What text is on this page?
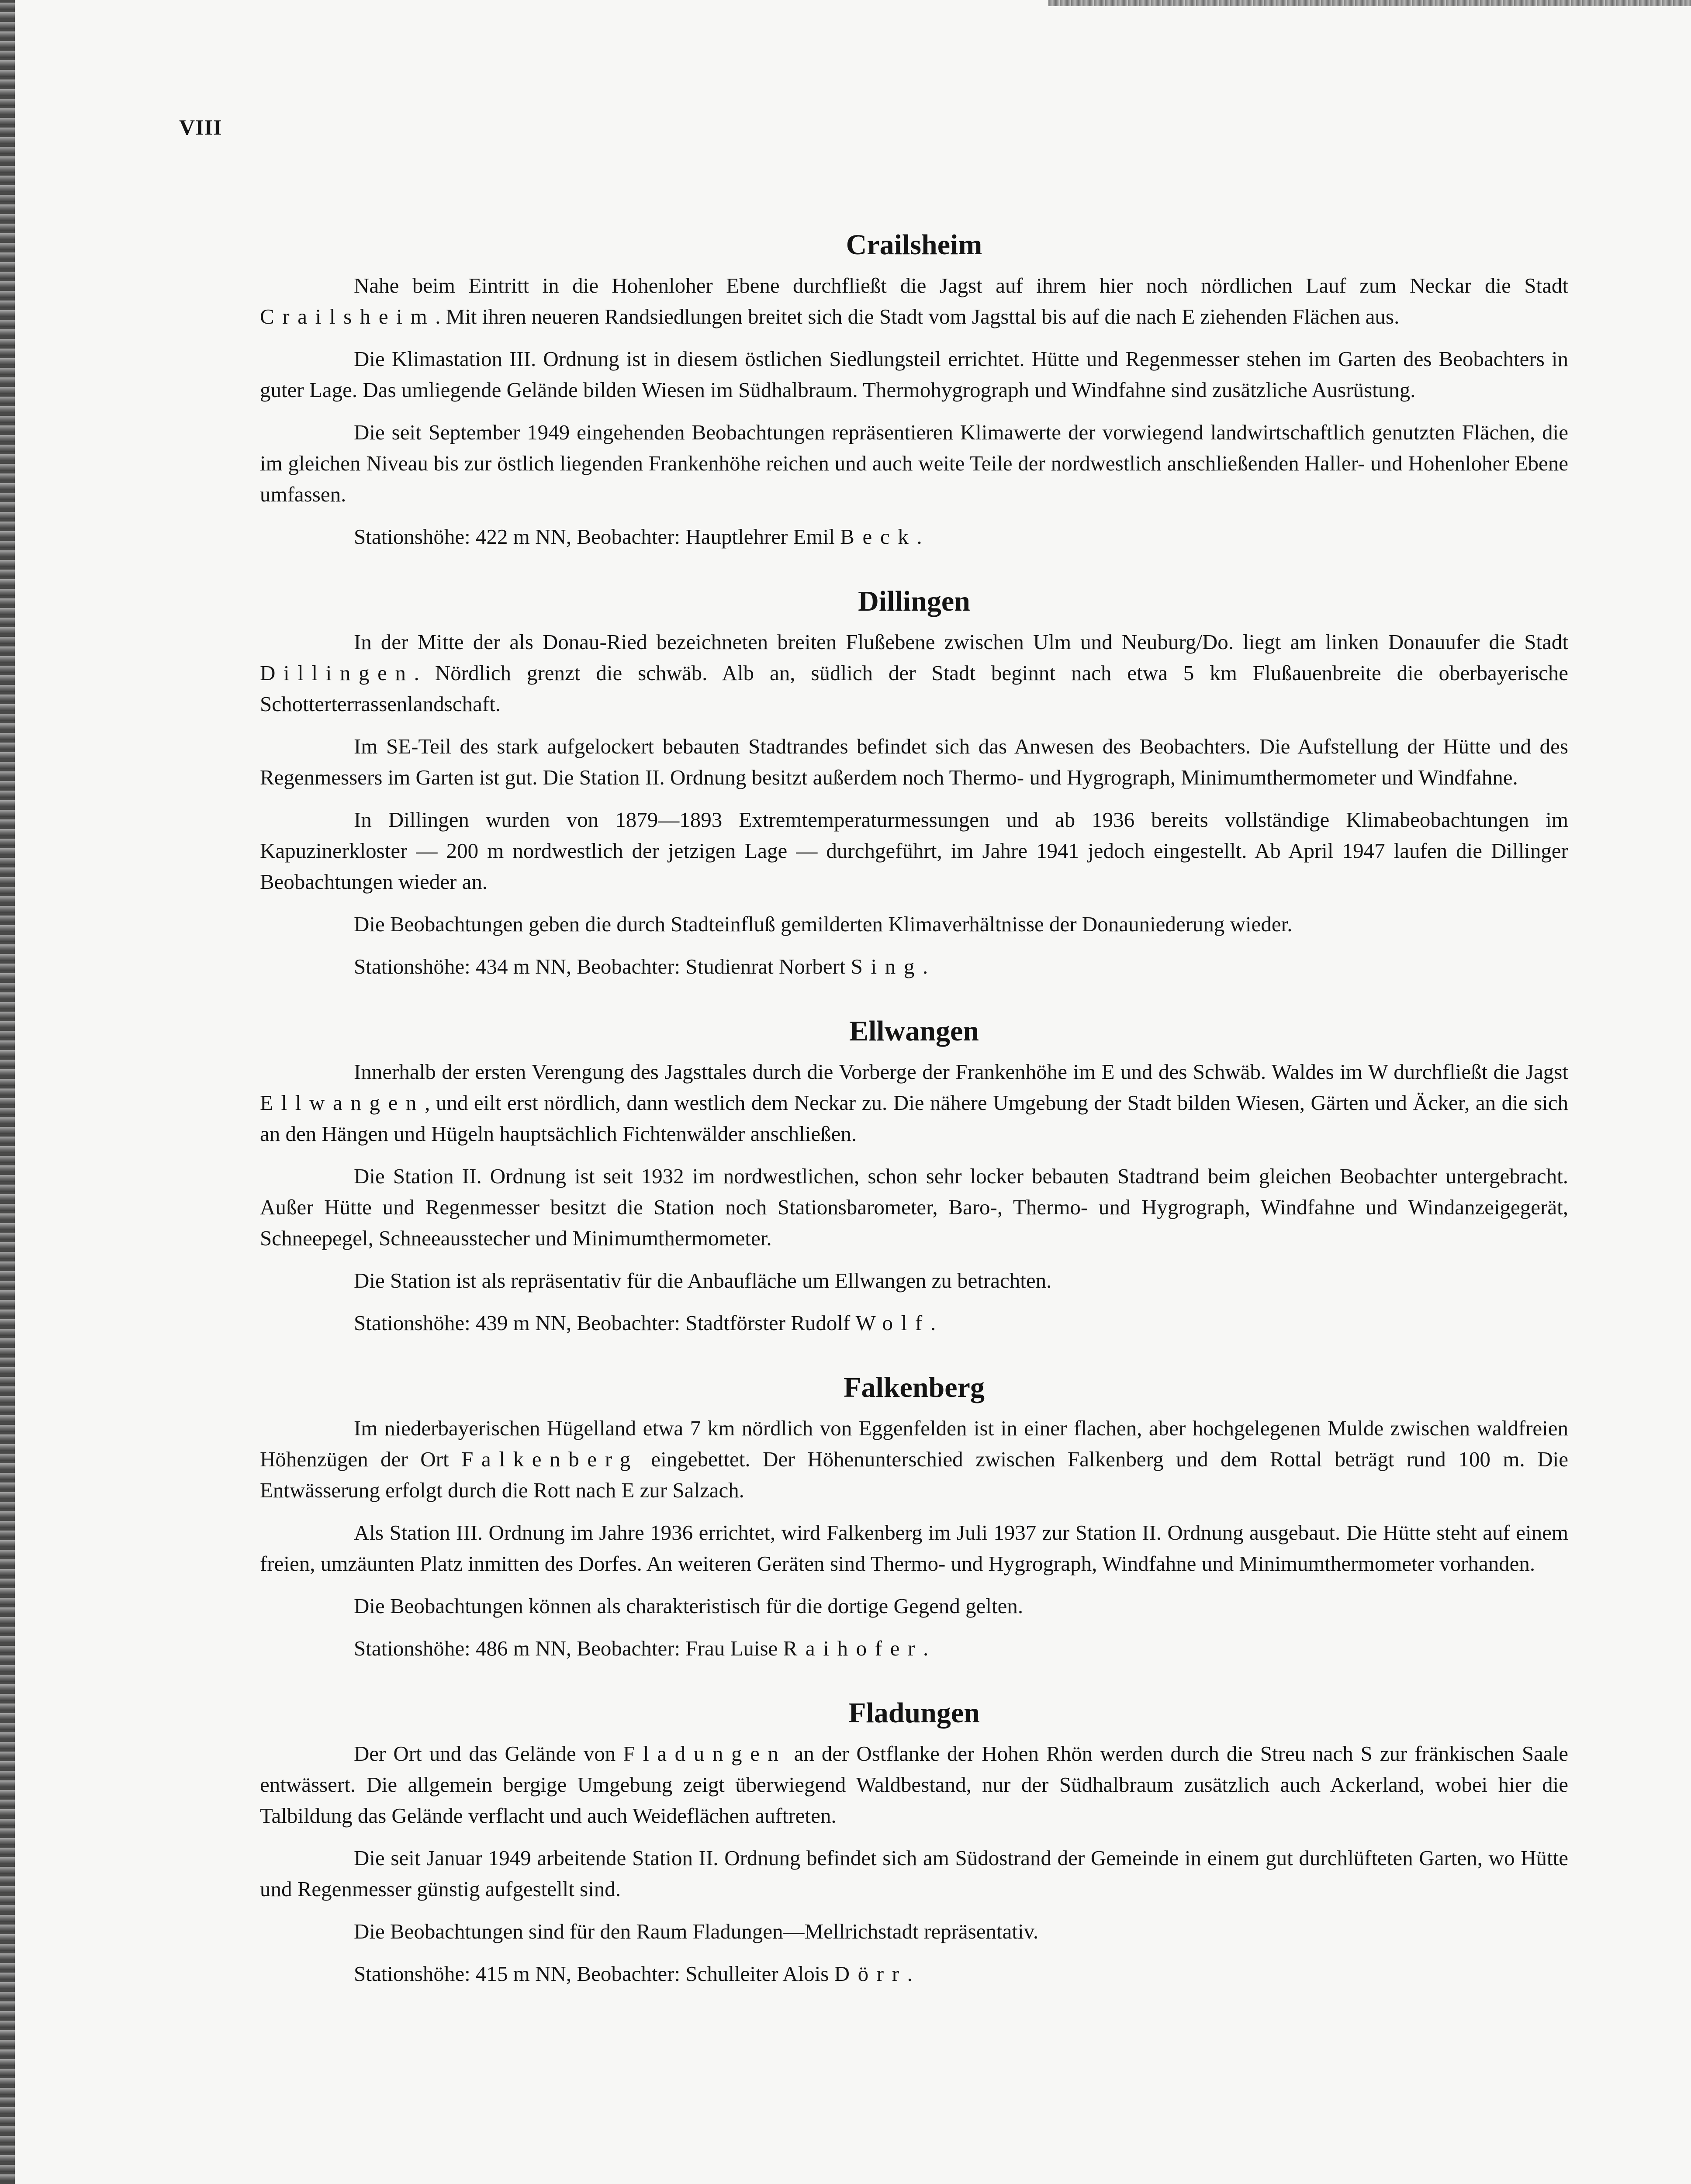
VIII
Crailsheim

Nahe beim Eintritt in die Hohenloher Ebene durchfließt die Jagst auf ihrem hier noch nördlichen Lauf zum Neckar die Stadt Crailsheim. Mit ihren neueren Randsiedlungen breitet sich die Stadt vom Jagsttal bis auf die nach E ziehenden Flächen aus.

Die Klimastation III. Ordnung ist in diesem östlichen Siedlungsteil errichtet. Hütte und Regenmesser stehen im Garten des Beobachters in guter Lage. Das umliegende Gelände bilden Wiesen im Südhalbraum. Thermohygrograph und Windfahne sind zusätzliche Ausrüstung.

Die seit September 1949 eingehenden Beobachtungen repräsentieren Klimawerte der vorwiegend landwirtschaftlich genutzten Flächen, die im gleichen Niveau bis zur östlich liegenden Frankenhöhe reichen und auch weite Teile der nordwestlich anschließenden Haller- und Hohenloher Ebene umfassen.

Stationshöhe: 422 m NN, Beobachter: Hauptlehrer Emil Beck.

Dillingen

In der Mitte der als Donau-Ried bezeichneten breiten Flußebene zwischen Ulm und Neuburg/Do. liegt am linken Donauufer die Stadt Dillingen. Nördlich grenzt die schwäb. Alb an, südlich der Stadt beginnt nach etwa 5 km Flußauenbreite die oberbayerische Schotterterrassenlandschaft.

Im SE-Teil des stark aufgelockert bebauten Stadtrandes befindet sich das Anwesen des Beobachters. Die Aufstellung der Hütte und des Regenmessers im Garten ist gut. Die Station II. Ordnung besitzt außerdem noch Thermo- und Hygrograph, Minimumthermometer und Windfahne.

In Dillingen wurden von 1879—1893 Extremtemperaturmessungen und ab 1936 bereits vollständige Klimabeobachtungen im Kapuzinerkloster — 200 m nordwestlich der jetzigen Lage — durchgeführt, im Jahre 1941 jedoch eingestellt. Ab April 1947 laufen die Dillinger Beobachtungen wieder an.

Die Beobachtungen geben die durch Stadteinfluß gemilderten Klimaverhältnisse der Donauniederung wieder.

Stationshöhe: 434 m NN, Beobachter: Studienrat Norbert Sing.

Ellwangen

Innerhalb der ersten Verengung des Jagsttales durch die Vorberge der Frankenhöhe im E und des Schwäb. Waldes im W durchfließt die Jagst Ellwangen, und eilt erst nördlich, dann westlich dem Neckar zu. Die nähere Umgebung der Stadt bilden Wiesen, Gärten und Äcker, an die sich an den Hängen und Hügeln hauptsächlich Fichtenwälder anschließen.

Die Station II. Ordnung ist seit 1932 im nordwestlichen, schon sehr locker bebauten Stadtrand beim gleichen Beobachter untergebracht. Außer Hütte und Regenmesser besitzt die Station noch Stationsbarometer, Baro-, Thermo- und Hygrograph, Windfahne und Windanzeigegerät, Schneepegel, Schneeausstecher und Minimumthermometer.

Die Station ist als repräsentativ für die Anbaufläche um Ellwangen zu betrachten.

Stationshöhe: 439 m NN, Beobachter: Stadtförster Rudolf Wolf.

Falkenberg

Im niederbayerischen Hügelland etwa 7 km nördlich von Eggenfelden ist in einer flachen, aber hochgelegenen Mulde zwischen waldfreien Höhenzügen der Ort Falkenberg eingebettet. Der Höhenunterschied zwischen Falkenberg und dem Rottal beträgt rund 100 m. Die Entwässerung erfolgt durch die Rott nach E zur Salzach.

Als Station III. Ordnung im Jahre 1936 errichtet, wird Falkenberg im Juli 1937 zur Station II. Ordnung ausgebaut. Die Hütte steht auf einem freien, umzäunten Platz inmitten des Dorfes. An weiteren Geräten sind Thermo- und Hygrograph, Windfahne und Minimumthermometer vorhanden.

Die Beobachtungen können als charakteristisch für die dortige Gegend gelten.

Stationshöhe: 486 m NN, Beobachter: Frau Luise Raihofer.

Fladungen

Der Ort und das Gelände von Fladungen an der Ostflanke der Hohen Rhön werden durch die Streu nach S zur fränkischen Saale entwässert. Die allgemein bergige Umgebung zeigt überwiegend Waldbestand, nur der Südhalbraum zusätzlich auch Ackerland, wobei hier die Talbildung das Gelände verflacht und auch Weideflächen auftreten.

Die seit Januar 1949 arbeitende Station II. Ordnung befindet sich am Südostrand der Gemeinde in einem gut durchlüfteten Garten, wo Hütte und Regenmesser günstig aufgestellt sind.

Die Beobachtungen sind für den Raum Fladungen—Mellrichstadt repräsentativ.

Stationshöhe: 415 m NN, Beobachter: Schulleiter Alois Dörr.
